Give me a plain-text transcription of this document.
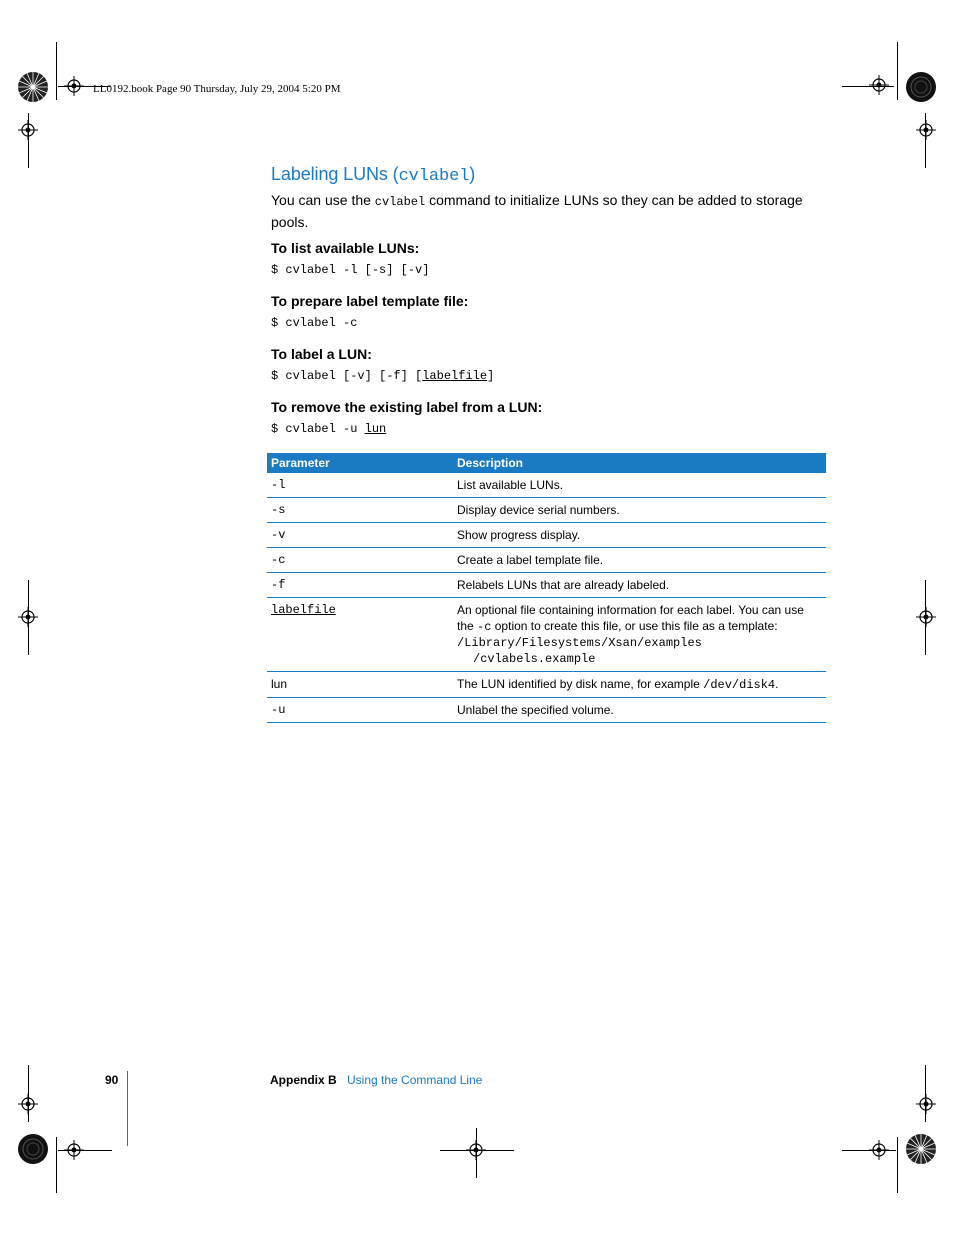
LL0192.book Page 90 Thursday, July 29, 2004 5:20 PM
Labeling LUNs (cvlabel)

You can use the cvlabel command to initialize LUNs so they can be added to storage pools.

To list available LUNs:
$ cvlabel -l [-s] [-v]
To prepare label template file:
$ cvlabel -c
To label a LUN:
$ cvlabel [-v] [-f] [labelfile]
To remove the existing label from a LUN:
$ cvlabel -u lun
Parameter	Description
-l	List available LUNs.
-s	Display device serial numbers.
-v	Show progress display.
-c	Create a label template file.
-f	Relabels LUNs that are already labeled.
labelfile	An optional file containing information for each label. You can use the -c option to create this file, or use this file as a template:
/Library/Filesystems/Xsan/examples
/cvlabels.example

lun	The LUN identified by disk name, for example /dev/disk4.
-u	Unlabel the specified volume.
90	Appendix B Using the Command Line
